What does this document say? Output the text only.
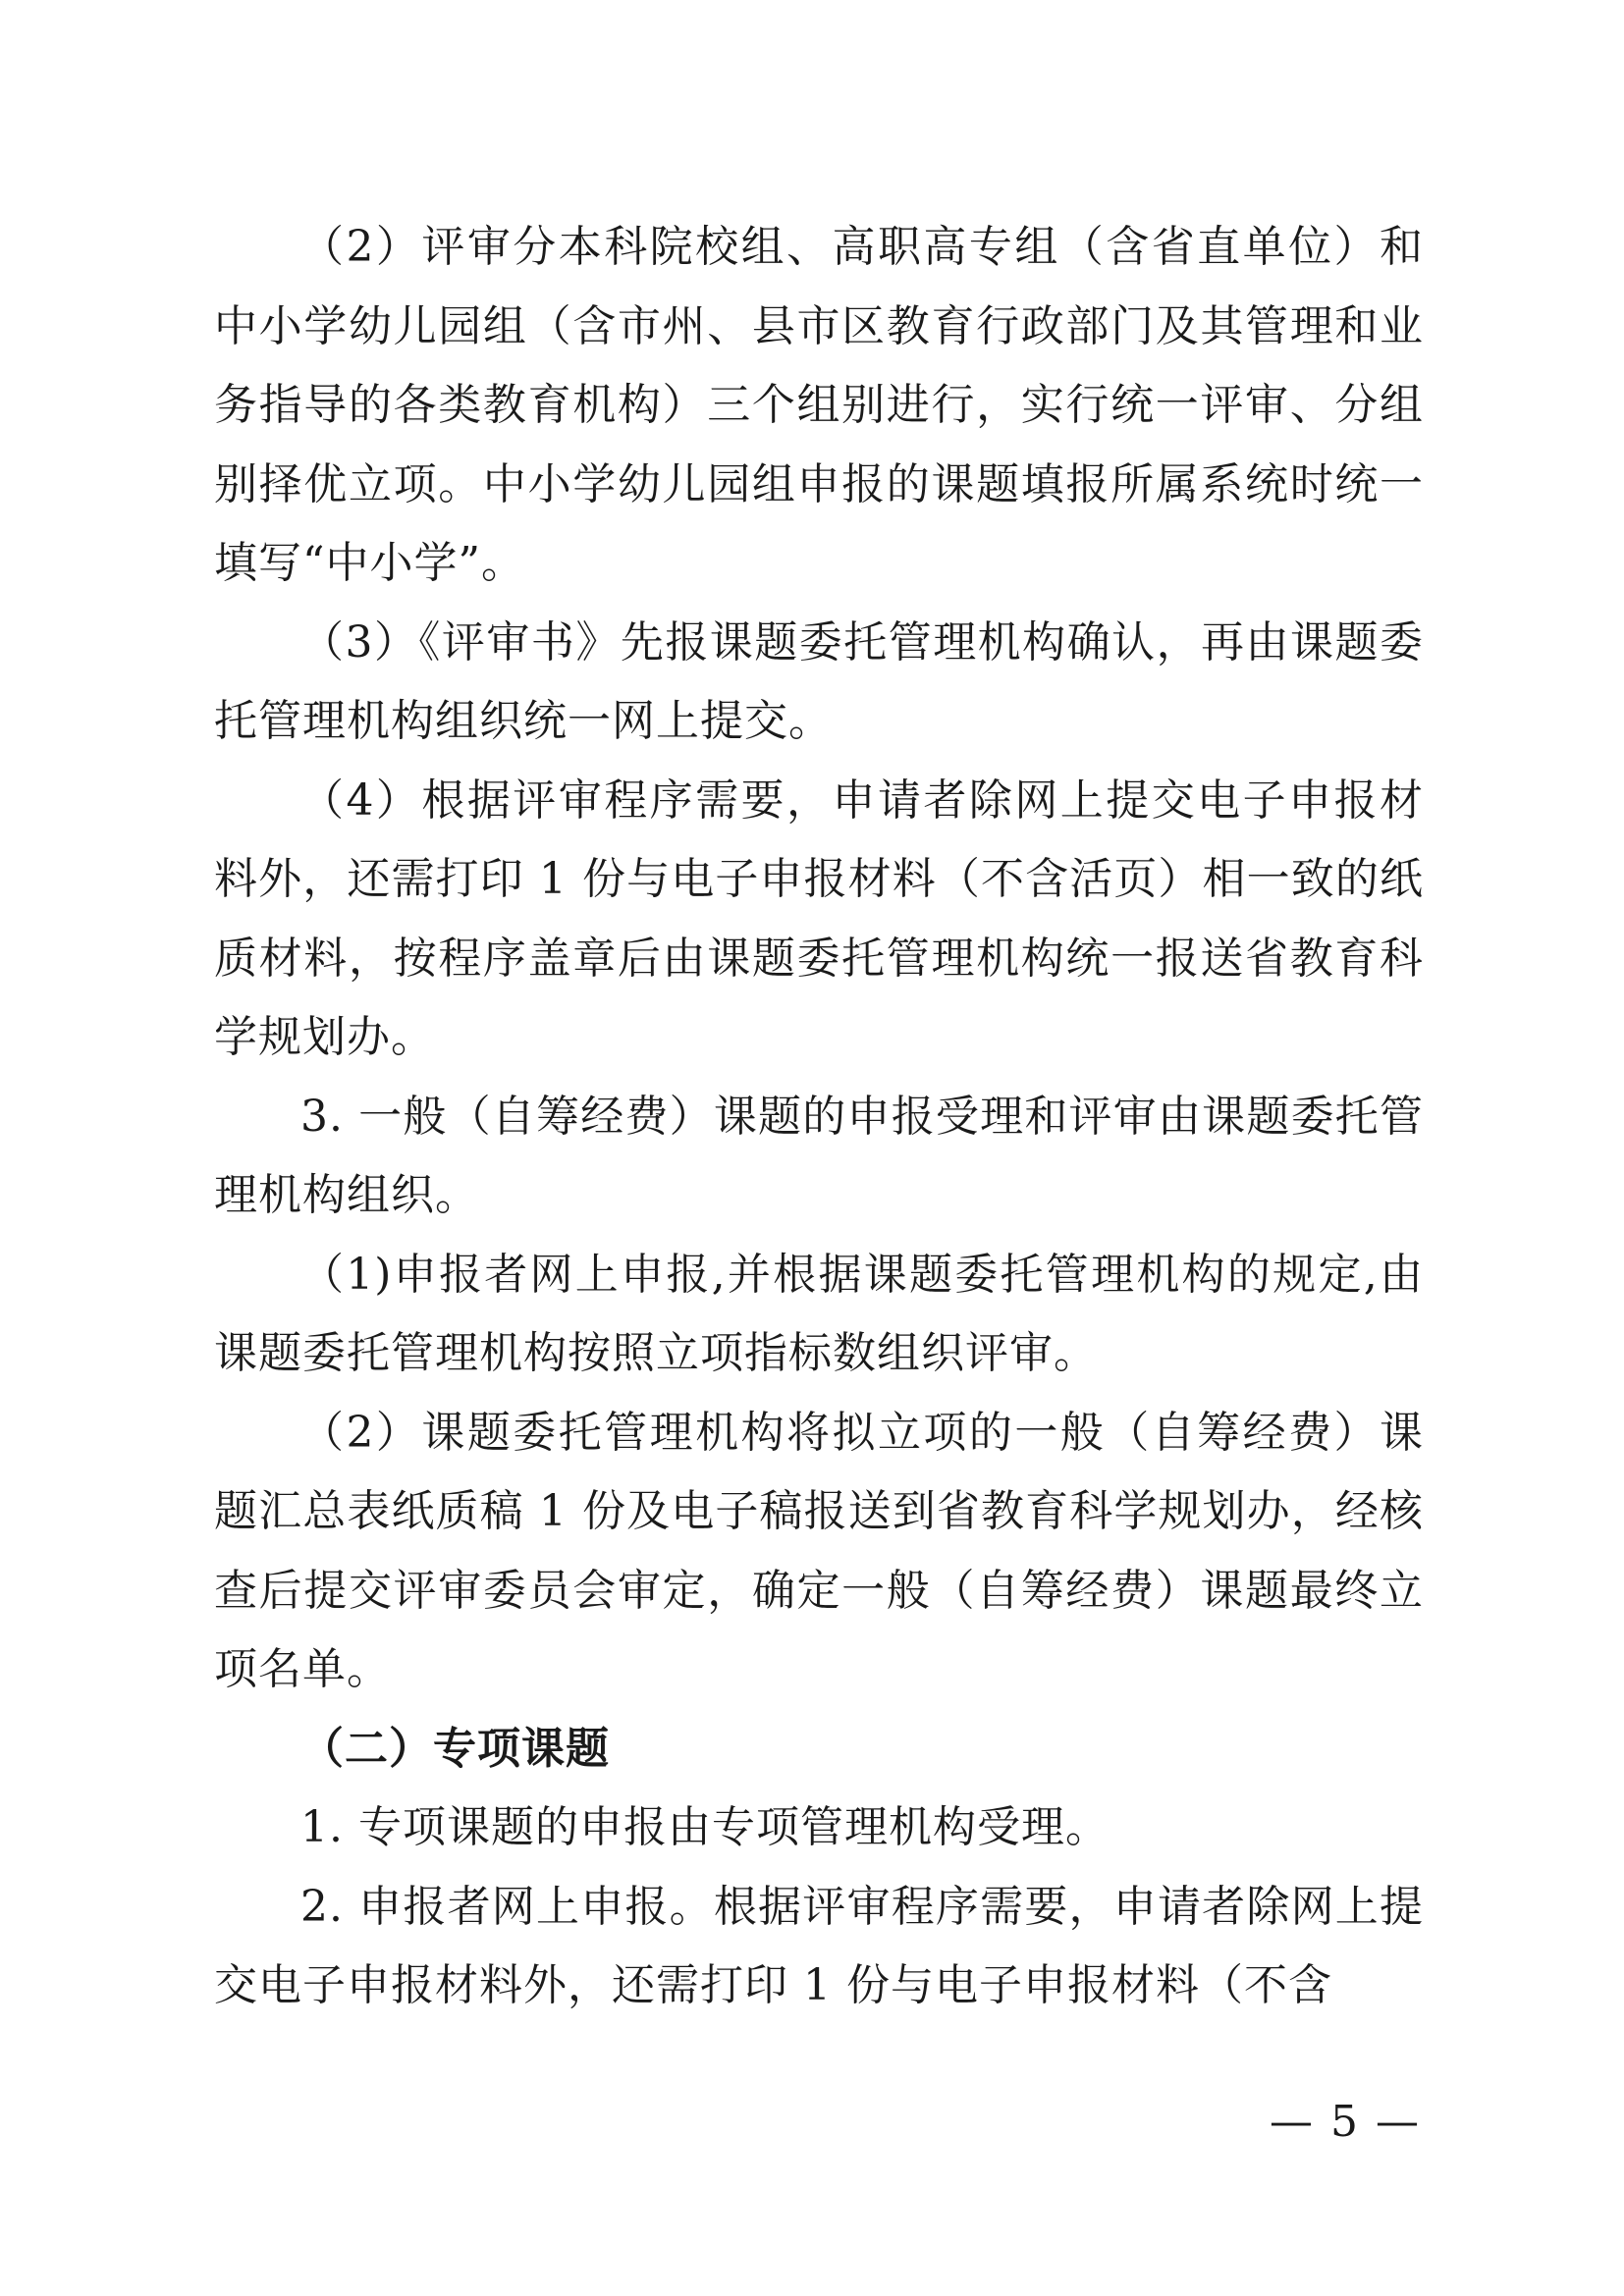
（2）评审分本科院校组、高职高专组（含省直单位）和中小学幼儿园组（含市州、县市区教育行政部门及其管理和业务指导的各类教育机构）三个组别进行，实行统一评审、分组别择优立项。中小学幼儿园组申报的课题填报所属系统时统一填写“中小学”。

（3）《评审书》先报课题委托管理机构确认，再由课题委托管理机构组织统一网上提交。

（4）根据评审程序需要，申请者除网上提交电子申报材料外，还需打印 1 份与电子申报材料（不含活页）相一致的纸质材料，按程序盖章后由课题委托管理机构统一报送省教育科学规划办。

3. 一般（自筹经费）课题的申报受理和评审由课题委托管理机构组织。

（1)申报者网上申报,并根据课题委托管理机构的规定,由课题委托管理机构按照立项指标数组织评审。

（2）课题委托管理机构将拟立项的一般（自筹经费）课题汇总表纸质稿 1 份及电子稿报送到省教育科学规划办，经核查后提交评审委员会审定，确定一般（自筹经费）课题最终立项名单。

（二）专项课题

1. 专项课题的申报由专项管理机构受理。

2. 申报者网上申报。根据评审程序需要，申请者除网上提交电子申报材料外，还需打印 1 份与电子申报材料（不含

— 5 —
